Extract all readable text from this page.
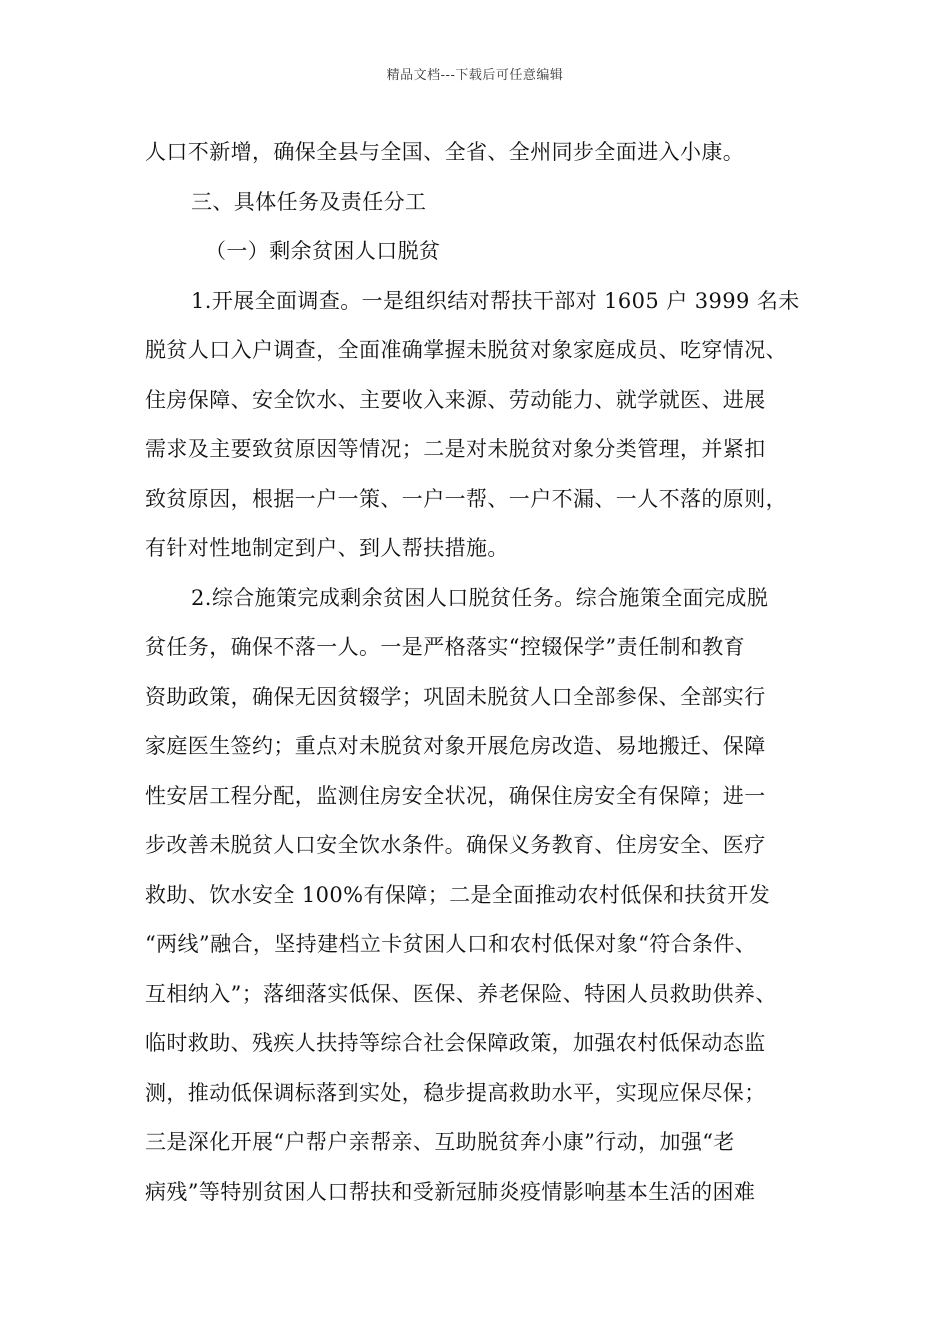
精品文档---下载后可任意编辑
人口不新增，确保全县与全国、全省、全州同步全面进入小康。
三、具体任务及责任分工
（一）剩余贫困人口脱贫
1.开展全面调查。一是组织结对帮扶干部对 1605 户 3999 名未
脱贫人口入户调查，全面准确掌握未脱贫对象家庭成员、吃穿情况、
住房保障、安全饮水、主要收入来源、劳动能力、就学就医、进展
需求及主要致贫原因等情况；二是对未脱贫对象分类管理，并紧扣
致贫原因，根据一户一策、一户一帮、一户不漏、一人不落的原则，
有针对性地制定到户、到人帮扶措施。
2.综合施策完成剩余贫困人口脱贫任务。综合施策全面完成脱
贫任务，确保不落一人。一是严格落实“控辍保学”责任制和教育
资助政策，确保无因贫辍学；巩固未脱贫人口全部参保、全部实行
家庭医生签约；重点对未脱贫对象开展危房改造、易地搬迁、保障
性安居工程分配，监测住房安全状况，确保住房安全有保障；进一
步改善未脱贫人口安全饮水条件。确保义务教育、住房安全、医疗
救助、饮水安全 100%有保障；二是全面推动农村低保和扶贫开发
“两线”融合，坚持建档立卡贫困人口和农村低保对象“符合条件、
互相纳入”；落细落实低保、医保、养老保险、特困人员救助供养、
临时救助、残疾人扶持等综合社会保障政策，加强农村低保动态监
测，推动低保调标落到实处，稳步提高救助水平，实现应保尽保；
三是深化开展“户帮户亲帮亲、互助脱贫奔小康”行动，加强“老
病残”等特别贫困人口帮扶和受新冠肺炎疫情影响基本生活的困难
